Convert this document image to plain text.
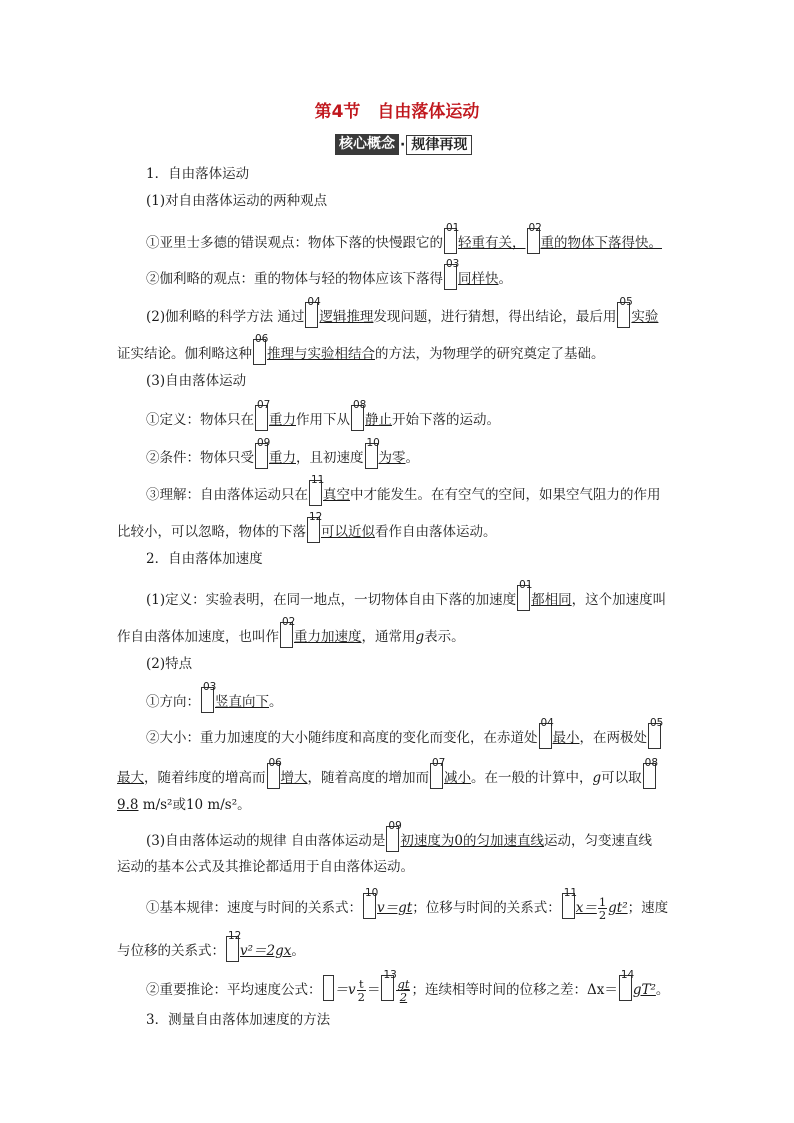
第4节　自由落体运动
核心概念 · 规律再现
1．自由落体运动
(1)对自由落体运动的两种观点
①亚里士多德的错误观点：物体下落的快慢跟它的
01
轻重有关，
02
重的物体下落得快。
②伽利略的观点：重的物体与轻的物体应该下落得
03
同样快。
(2)伽利略的科学方法 通过
04
逻辑推理发现问题，进行猜想，得出结论，最后用
05
实验
证实结论。伽利略这种
06
推理与实验相结合的方法，为物理学的研究奠定了基础。
(3)自由落体运动
①定义：物体只在
07
重力作用下从
08
静止开始下落的运动。
②条件：物体只受
09
重力，且初速度
10
为零。
③理解：自由落体运动只在
11
真空中才能发生。在有空气的空间，如果空气阻力的作用
比较小，可以忽略，物体的下落
12
可以近似看作自由落体运动。
2．自由落体加速度
(1)定义：实验表明，在同一地点，一切物体自由下落的加速度
01
都相同，这个加速度叫
作自由落体加速度，也叫作
02
重力加速度，通常用g表示。
(2)特点
①方向：
03
竖直向下。
②大小：重力加速度的大小随纬度和高度的变化而变化，在赤道处
04
最小，在两极处
05
最大，随着纬度的增高而
06
增大，随着高度的增加而
07
减小。在一般的计算中，g可以取
08
9.8 m/s²或10 m/s²。
(3)自由落体运动的规律 自由落体运动是
09
初速度为0的匀加速直线运动，匀变速直线
运动的基本公式及其推论都适用于自由落体运动。
①基本规律：速度与时间的关系式：
10
v＝gt；位移与时间的关系式：
11
$x= \frac{1}{2} gt^2$；速度
与位移的关系式：
12
v²＝2gx。
②重要推论：平均速度公式： $=v \frac{t}{2}$ ＝
13
$\frac{gt}{2}$ ；连续相等时间的位移之差：Δx＝
14
gT²。
3．测量自由落体加速度的方法
